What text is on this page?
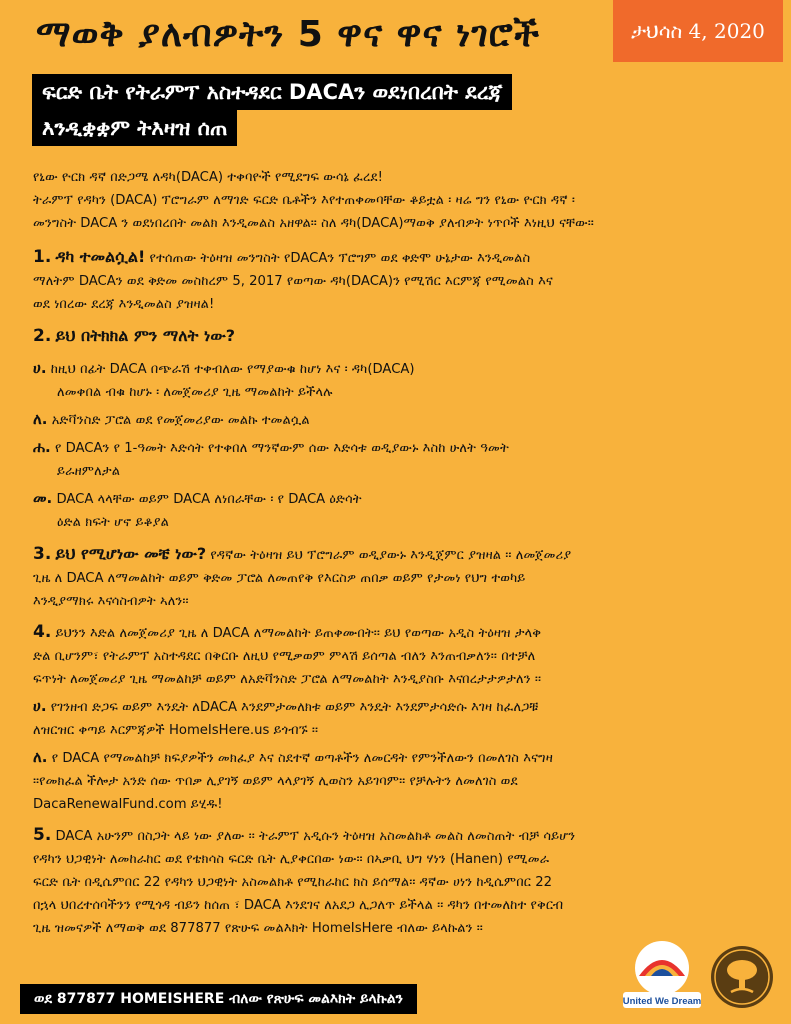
ታህሳስ 4, 2020
ማወቅ ያለብዎትን 5 ዋና ዋና ነገሮች
ፍርድ ቤት የትራምፕ አስተዳደር DACAን ወደነበረበት ደረጃ
እንዲቋቋም ትእዛዝ ሰጠ

የኒው ዮርክ ዳኛ በድጋሜ ለዳካ(DACA) ተቀባዮች የሚደግፍ ውሳኔ ፈረደ!
ትራምፕ የዳካን (DACA) ፕሮግራም ለማገድ ፍርድ ቤቶችን እየተጠቀመባቸው ቆይቷል ፡ ዛሬ ግን የኒው ዮርክ ዳኛ ፡
መንግስት DACA ን ወደነበረበት መልክ እንዲመልስ አዘዋል። ስለ ዳካ(DACA)ማወቅ ያለብዎት ነጥቦች እነዚህ ናቸው።

1. ዳካ ተመልሷል! የተሰጠው ትዕዛዝ መንግስት የDACAን ፕሮግም ወደ ቀድሞ ሁኔታው እንዲመልስ
ማለትም DACAን ወደ ቅድመ መስከረም 5, 2017 የወጣው ዳካ(DACA)ን የሚሽር እርምጃ የሚመልስ እና
ወደ ነበረው ደረጃ እንዲመልስ ያዝዛል!

2. ይህ በትክክል ምን ማለት ነው?

ሀ. ከዚህ በፊት DACA በጭራሽ ተቀብለው የማያውቁ ከሆነ እና ፡ ዳካ(DACA)
ለመቀበል ብቁ ከሆኑ ፡ ለመጀመሪያ ጊዜ ማመልከት ይችላሉ

ለ. አድቫንስድ ፓሮል ወደ የመጀመሪያው መልኩ ተመልሷል

ሐ. የ DACAን የ 1-ዓመት እድሳት የተቀበለ ማንኛውም ሰው እድሳቱ ወዲያውኑ እስከ ሁለት ዓመት
ይራዘምለታል

መ. DACA ላላቸው ወይም DACA ለነበራቸው ፡ የ DACA ዕድሳት
ዕድል ክፍት ሆኖ ይቆያል

3. ይህ የሚሆነው መቼ ነው? የዳኛው ትዕዛዝ ይህ ፕሮግራም ወዲያውኑ እንዲጀምር ያዝዛል ፡፡ ለመጀመሪያ
ጊዜ ለ DACA ለማመልከት ወይም ቅድመ ፓሮል ለመጠየቅ የእርስዎ ጠበቃ ወይም የታመነ የህግ ተወካይ
እንዲያማክሩ እናሳስብዎት ኣለን፡፡

4. ይህንን እድል ለመጀመሪያ ጊዜ ለ DACA ለማመልከት ይጠቀሙበት፡፡ ይህ የወጣው አዲስ ትዕዛዝ ታላቅ
ድል ቢሆንም፣ የትራምፕ አስተዳደር በቅርቡ ለዚህ የሚቃወም ምላሽ ይሰጣል ብለን እንጠብቃለን፡፡ በተቻለ
ፍጥነት ለመጀመሪያ ጊዜ ማመልከቻ ወይም ለአድቫንስድ ፓሮል ለማመልከት እንዲያስቡ እናበረታታዎታለን ፡፡

ሀ. የገንዘብ ድጋፍ ወይም እንዴት ለDACA እንደምታመለክቱ ወይም እንዴት እንደምታሳድሱ እገዛ ከፈለጋቹ
ለዝርዝር ቀጣይ እርምጃዎች HomeIsHere.us ይጎብኙ ፡፡

ለ. የ DACA የማመልከቻ ክፍያዎችን መክፈያ እና ስደተኛ ወጣቶችን ለመርዳት የምንችለውን በመለገስ እናግዛ
።የመክፈል ችሎታ አንድ ሰው ጥበቃ ሊያገኝ ወይም ላላያገኝ ሊወስን አይገባም። የቻሉትን ለመለገስ ወደ
DacaRenewalFund.com ይሂዱ!

5. DACA አሁንም በስጋት ላይ ነው ያለው ፡፡ ትራምፕ አዲሱን ትዕዛዝ አስመልክቶ መልስ ለመስጠት ብቻ ሳይሆን
የዳካን ህጋዊነት ለመከራከር ወደ የቴክሳስ ፍርድ ቤት ሊያቀርበው ነው። በኣቃቢ ህግ ሃነን (Hanen) የሚመራ
ፍርድ ቤት በዲሴምበር 22 የዳካን ህጋዊነት አስመልክቶ የሚከራከር ክስ ይሰማል፡፡ ዳኛው ሀነን ከዲሴምበር 22
በኋላ ህበረተሰባችንን የሚጎዳ ብይን ከሰጠ ፣ DACA እንደገና ለአደጋ ሊጋለጥ ይችላል ፡፡ ዳካን በተመለከተ የቅርብ
ጊዜ ዝመናዎች ለማወቅ ወደ 877877 የጽሁፍ መልእክት HomeIsHere ብለው ይላኩልን ።

ወደ 877877 HOMEISHERE ብለው የጽሁፍ መልእክት ይላኩልን	United We Dream
